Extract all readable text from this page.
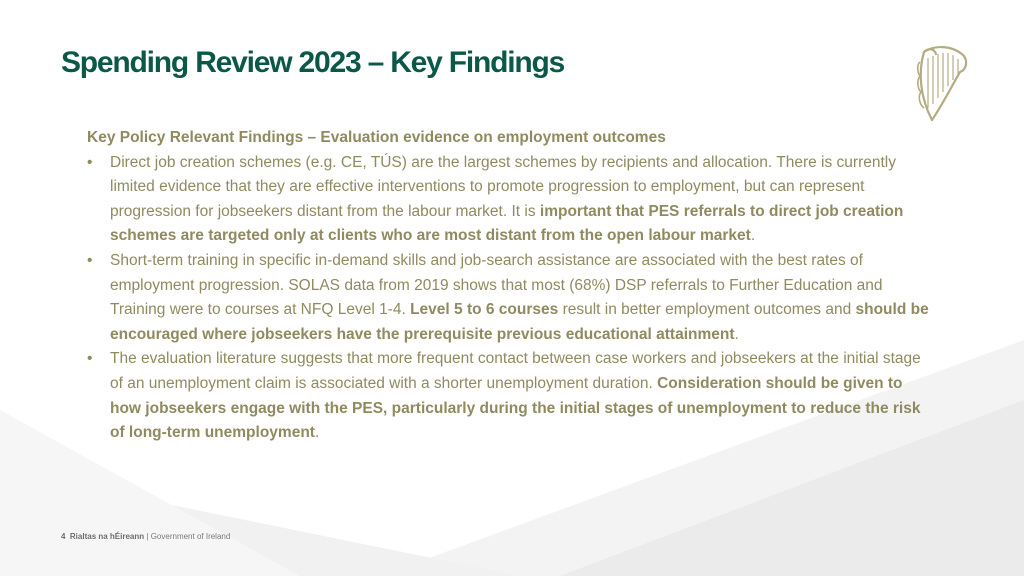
Spending Review 2023 – Key Findings

Key Policy Relevant Findings – Evaluation evidence on employment outcomes

• Direct job creation schemes (e.g. CE, TÚS) are the largest schemes by recipients and allocation. There is currently limited evidence that they are effective interventions to promote progression to employment, but can represent progression for jobseekers distant from the labour market. It is important that PES referrals to direct job creation schemes are targeted only at clients who are most distant from the open labour market.
• Short-term training in specific in-demand skills and job-search assistance are associated with the best rates of employment progression. SOLAS data from 2019 shows that most (68%) DSP referrals to Further Education and Training were to courses at NFQ Level 1-4. Level 5 to 6 courses result in better employment outcomes and should be encouraged where jobseekers have the prerequisite previous educational attainment.
• The evaluation literature suggests that more frequent contact between case workers and jobseekers at the initial stage of an unemployment claim is associated with a shorter unemployment duration. Consideration should be given to how jobseekers engage with the PES, particularly during the initial stages of unemployment to reduce the risk of long-term unemployment.
4 Rialtas na hÉireann | Government of Ireland
